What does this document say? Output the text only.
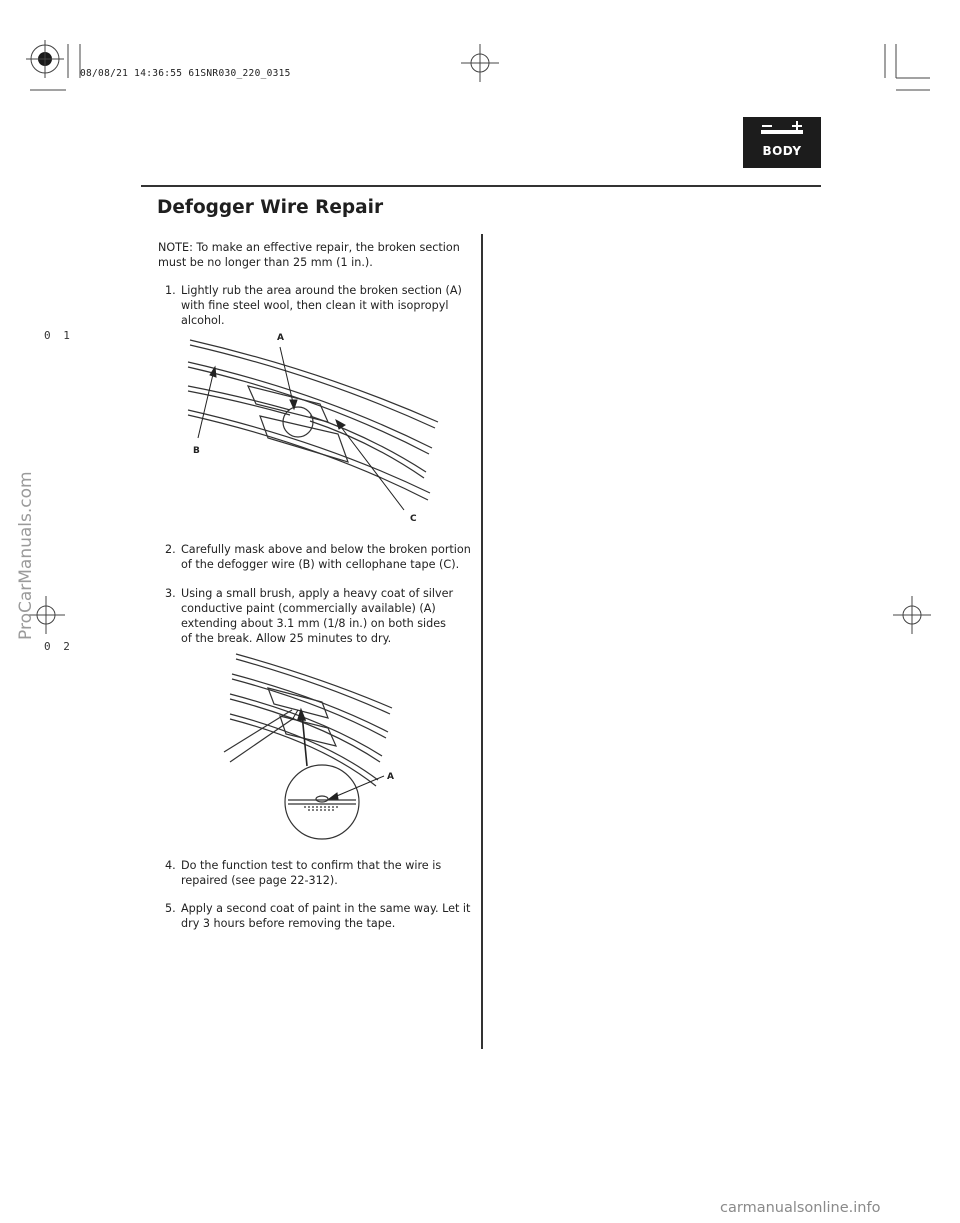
08/08/21 14:36:55 61SNR030_220_0315
BODY
Defogger Wire Repair
0 1
0 2
NOTE: To make an effective repair, the broken section must be no longer than 25 mm (1 in.).
1. Lightly rub the area around the broken section (A)
with fine steel wool, then clean it with isopropyl alcohol.
A
B
C
2. Carefully mask above and below the broken portion
of the defogger wire (B) with cellophane tape (C).
3. Using a small brush, apply a heavy coat of silver
conductive paint (commercially available) (A) extending about 3.1 mm (1/8 in.) on both sides of the break. Allow 25 minutes to dry.
A
4. Do the function test to confirm that the wire is
repaired (see page 22-312).
5. Apply a second coat of paint in the same way. Let it
dry 3 hours before removing the tape.
ProCarManuals.com
carmanualsonline.info
